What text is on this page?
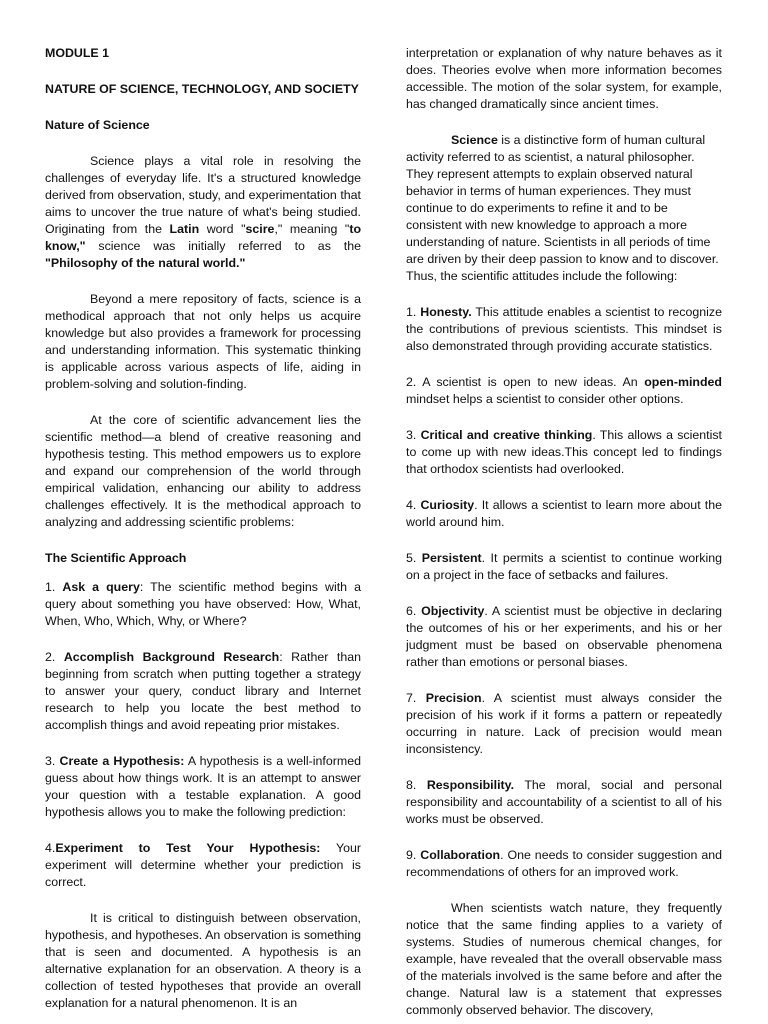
MODULE 1

NATURE OF SCIENCE, TECHNOLOGY, AND SOCIETY

Nature of Science

Science plays a vital role in resolving the challenges of everyday life. It's a structured knowledge derived from observation, study, and experimentation that aims to uncover the true nature of what's being studied. Originating from the Latin word "scire," meaning "to know," science was initially referred to as the "Philosophy of the natural world."

Beyond a mere repository of facts, science is a methodical approach that not only helps us acquire knowledge but also provides a framework for processing and understanding information. This systematic thinking is applicable across various aspects of life, aiding in problem-solving and solution-finding.

At the core of scientific advancement lies the scientific method—a blend of creative reasoning and hypothesis testing. This method empowers us to explore and expand our comprehension of the world through empirical validation, enhancing our ability to address challenges effectively. It is the methodical approach to analyzing and addressing scientific problems:

The Scientific Approach

1. Ask a query: The scientific method begins with a query about something you have observed: How, What, When, Who, Which, Why, or Where?

2. Accomplish Background Research: Rather than beginning from scratch when putting together a strategy to answer your query, conduct library and Internet research to help you locate the best method to accomplish things and avoid repeating prior mistakes.

3. Create a Hypothesis: A hypothesis is a well-informed guess about how things work. It is an attempt to answer your question with a testable explanation. A good hypothesis allows you to make the following prediction:

4.Experiment to Test Your Hypothesis: Your experiment will determine whether your prediction is correct.

It is critical to distinguish between observation, hypothesis, and hypotheses. An observation is something that is seen and documented. A hypothesis is an alternative explanation for an observation. A theory is a collection of tested hypotheses that provide an overall explanation for a natural phenomenon. It is an

interpretation or explanation of why nature behaves as it does. Theories evolve when more information becomes accessible. The motion of the solar system, for example, has changed dramatically since ancient times.

Science is a distinctive form of human cultural activity referred to as scientist, a natural philosopher. They represent attempts to explain observed natural behavior in terms of human experiences. They must continue to do experiments to refine it and to be consistent with new knowledge to approach a more understanding of nature. Scientists in all periods of time are driven by their deep passion to know and to discover. Thus, the scientific attitudes include the following:

1. Honesty. This attitude enables a scientist to recognize the contributions of previous scientists. This mindset is also demonstrated through providing accurate statistics.

2. A scientist is open to new ideas. An open-minded mindset helps a scientist to consider other options.

3. Critical and creative thinking. This allows a scientist to come up with new ideas.This concept led to findings that orthodox scientists had overlooked.

4. Curiosity. It allows a scientist to learn more about the world around him.

5. Persistent. It permits a scientist to continue working on a project in the face of setbacks and failures.

6. Objectivity. A scientist must be objective in declaring the outcomes of his or her experiments, and his or her judgment must be based on observable phenomena rather than emotions or personal biases.

7. Precision. A scientist must always consider the precision of his work if it forms a pattern or repeatedly occurring in nature. Lack of precision would mean inconsistency.

8. Responsibility. The moral, social and personal responsibility and accountability of a scientist to all of his works must be observed.

9. Collaboration. One needs to consider suggestion and recommendations of others for an improved work.

When scientists watch nature, they frequently notice that the same finding applies to a variety of systems. Studies of numerous chemical changes, for example, have revealed that the overall observable mass of the materials involved is the same before and after the change. Natural law is a statement that expresses commonly observed behavior. The discovery,
